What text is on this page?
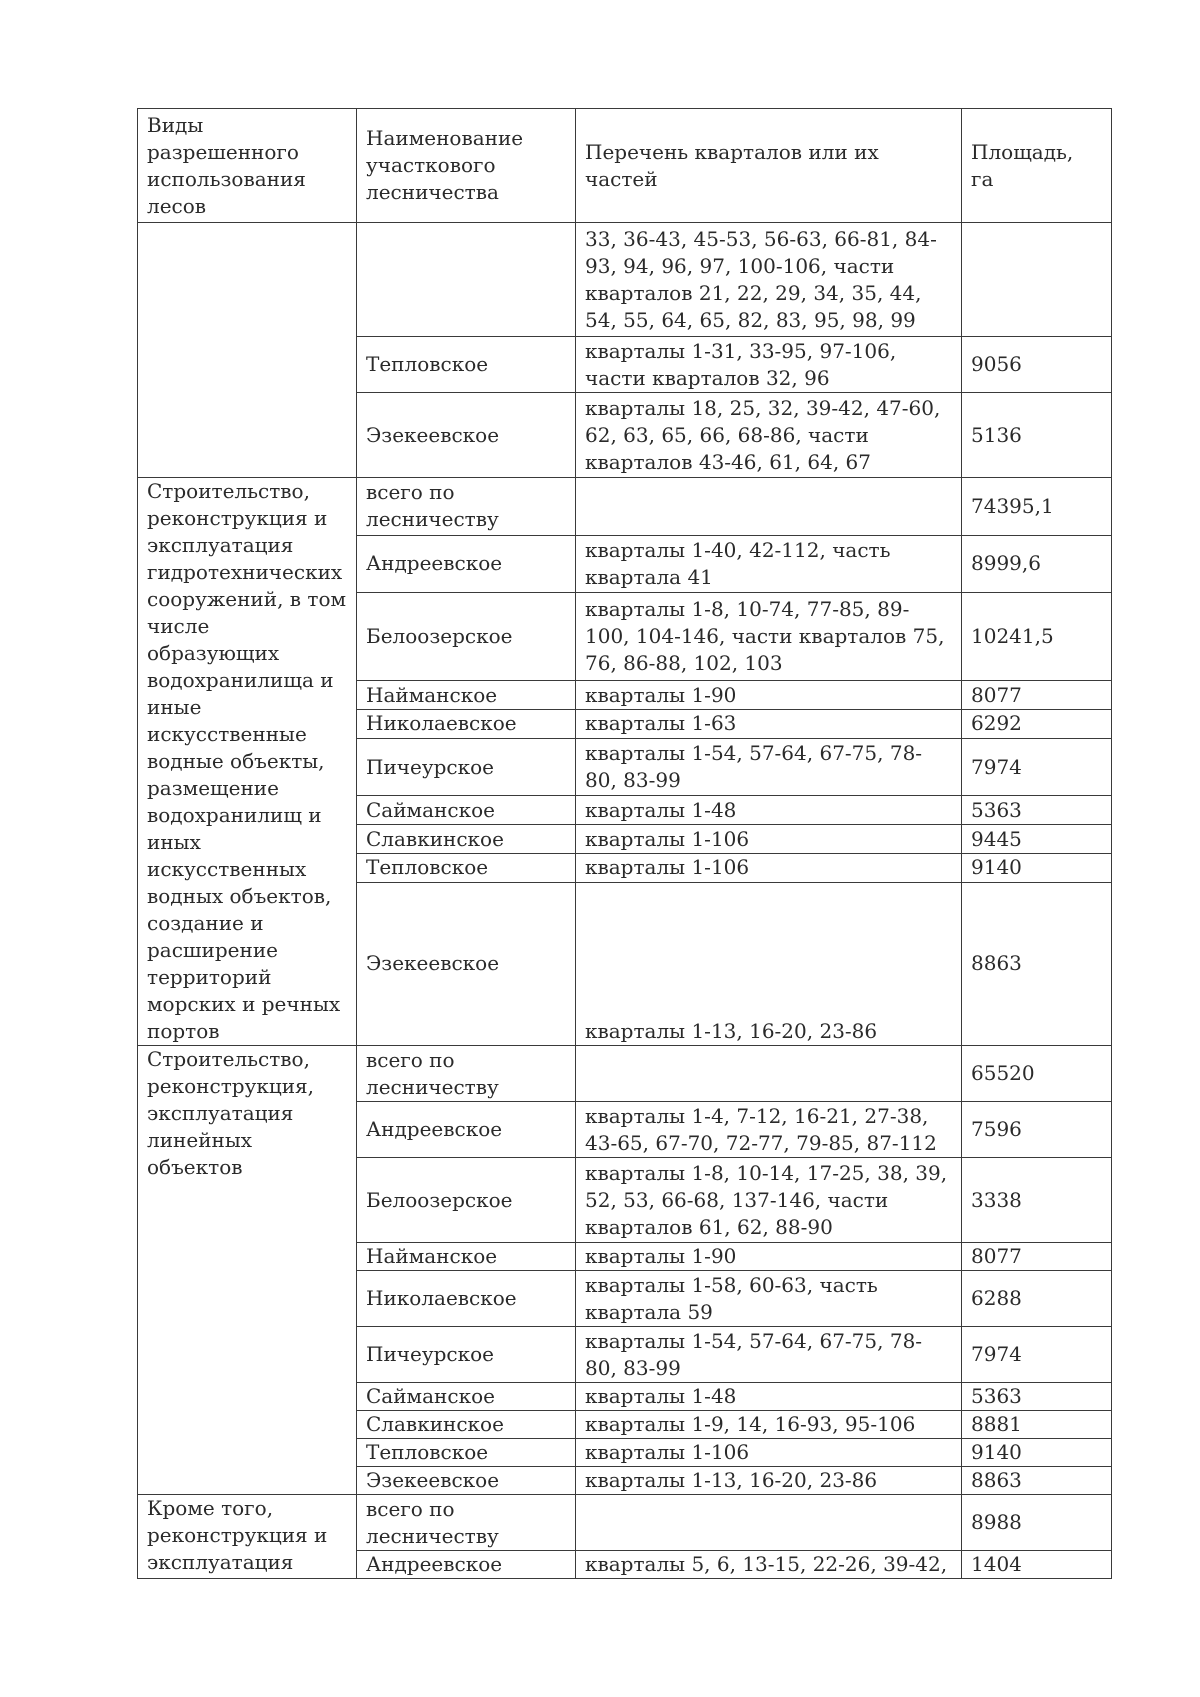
Виды разрешенного использования лесов	Наименование участкового лесничества	Перечень кварталов или их частей	Площадь, га
		33, 36-43, 45-53, 56-63, 66-81, 84-93, 94, 96, 97, 100-106, части кварталов 21, 22, 29, 34, 35, 44, 54, 55, 64, 65, 82, 83, 95, 98, 99	
	Тепловское	кварталы 1-31, 33-95, 97-106, части кварталов 32, 96	9056
	Эзекеевское	кварталы 18, 25, 32, 39-42, 47-60, 62, 63, 65, 66, 68-86, части кварталов 43-46, 61, 64, 67	5136
Строительство, реконструкция и эксплуатация гидротехнических сооружений, в том числе образующих водохранилища и иные искусственные водные объекты, размещение водохранилищ и иных искусственных водных объектов, создание и расширение территорий морских и речных портов	всего по лесничеству		74395,1
	Андреевское	кварталы 1-40, 42-112, часть квартала 41	8999,6
	Белоозерское	кварталы 1-8, 10-74, 77-85, 89-100, 104-146, части кварталов 75, 76, 86-88, 102, 103	10241,5
	Найманское	кварталы 1-90	8077
	Николаевское	кварталы 1-63	6292
	Пичеурское	кварталы 1-54, 57-64, 67-75, 78-80, 83-99	7974
	Сайманское	кварталы 1-48	5363
	Славкинское	кварталы 1-106	9445
	Тепловское	кварталы 1-106	9140
	Эзекеевское	кварталы 1-13, 16-20, 23-86	8863
Строительство, реконструкция, эксплуатация линейных объектов	всего по лесничеству		65520
	Андреевское	кварталы 1-4, 7-12, 16-21, 27-38, 43-65, 67-70, 72-77, 79-85, 87-112	7596
	Белоозерское	кварталы 1-8, 10-14, 17-25, 38, 39, 52, 53, 66-68, 137-146, части кварталов 61, 62, 88-90	3338
	Найманское	кварталы 1-90	8077
	Николаевское	кварталы 1-58, 60-63, часть квартала 59	6288
	Пичеурское	кварталы 1-54, 57-64, 67-75, 78-80, 83-99	7974
	Сайманское	кварталы 1-48	5363
	Славкинское	кварталы 1-9, 14, 16-93, 95-106	8881
	Тепловское	кварталы 1-106	9140
	Эзекеевское	кварталы 1-13, 16-20, 23-86	8863
Кроме того, реконструкция и эксплуатация	всего по лесничеству		8988
	Андреевское	кварталы 5, 6, 13-15, 22-26, 39-42,	1404
